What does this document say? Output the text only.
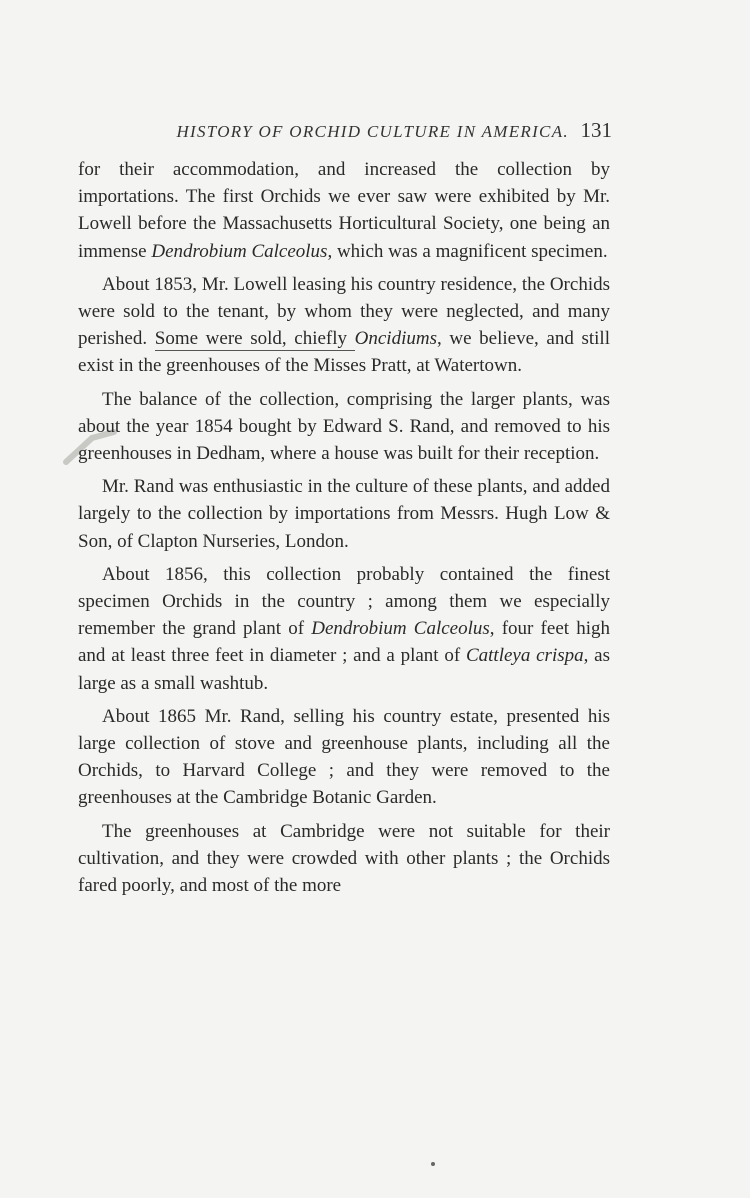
HISTORY OF ORCHID CULTURE IN AMERICA. 131

for their accommodation, and increased the collection by importations. The first Orchids we ever saw were exhibited by Mr. Lowell before the Massachusetts Horticultural Society, one being an immense Dendrobium Calceolus, which was a magnificent specimen.

About 1853, Mr. Lowell leasing his country residence, the Orchids were sold to the tenant, by whom they were neglected, and many perished. Some were sold, chiefly Oncidiums, we believe, and still exist in the greenhouses of the Misses Pratt, at Watertown.

The balance of the collection, comprising the larger plants, was about the year 1854 bought by Edward S. Rand, and removed to his greenhouses in Dedham, where a house was built for their reception.

Mr. Rand was enthusiastic in the culture of these plants, and added largely to the collection by importations from Messrs. Hugh Low & Son, of Clapton Nurseries, London.

About 1856, this collection probably contained the finest specimen Orchids in the country ; among them we especially remember the grand plant of Dendrobium Calceolus, four feet high and at least three feet in diameter ; and a plant of Cattleya crispa, as large as a small washtub.

About 1865 Mr. Rand, selling his country estate, presented his large collection of stove and greenhouse plants, including all the Orchids, to Harvard College ; and they were removed to the greenhouses at the Cambridge Botanic Garden.

The greenhouses at Cambridge were not suitable for their cultivation, and they were crowded with other plants ; the Orchids fared poorly, and most of the more
